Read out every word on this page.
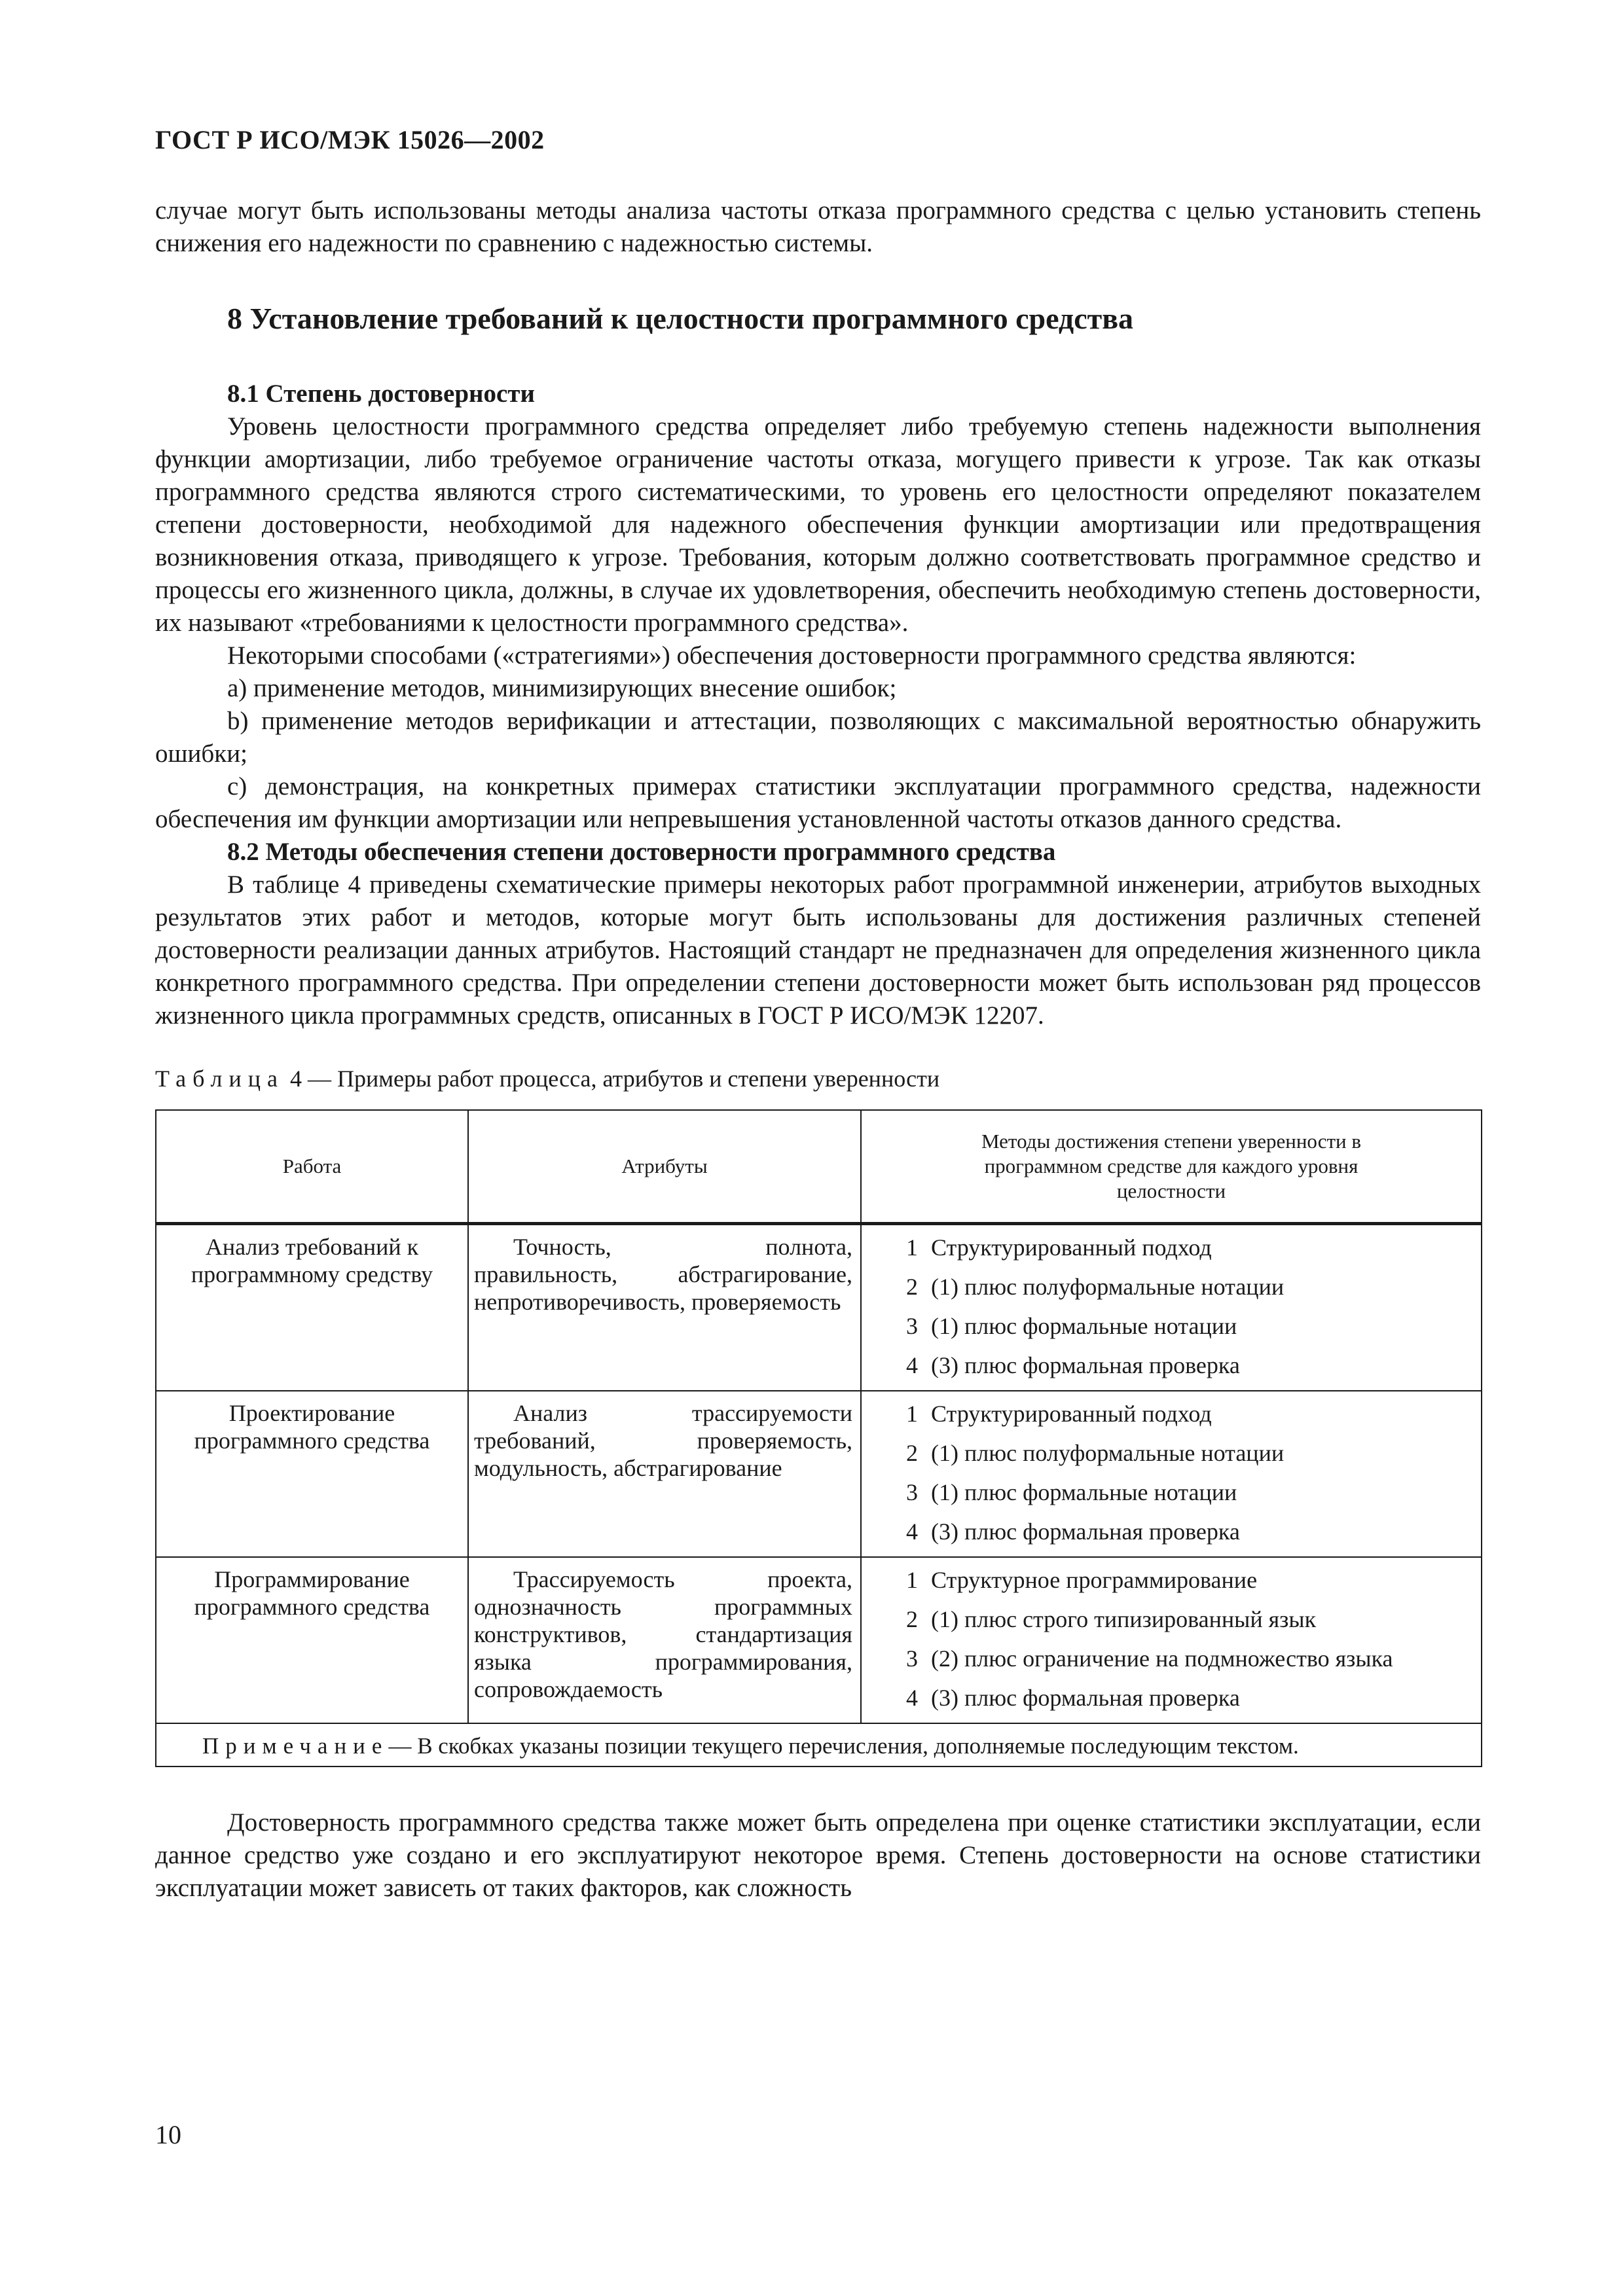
ГОСТ Р ИСО/МЭК 15026—2002

случае могут быть использованы методы анализа частоты отказа программного средства с целью установить степень снижения его надежности по сравнению с надежностью системы.

8 Установление требований к целостности программного средства
8.1 Степень достоверности

Уровень целостности программного средства определяет либо требуемую степень надежности выполнения функции амортизации, либо требуемое ограничение частоты отказа, могущего привести к угрозе. Так как отказы программного средства являются строго систематическими, то уровень его целостности определяют показателем степени достоверности, необходимой для надежного обеспечения функции амортизации или предотвращения возникновения отказа, приводящего к угрозе. Требования, которым должно соответствовать программное средство и процессы его жизненного цикла, должны, в случае их удовлетворения, обеспечить необходимую степень достоверности, их называют «требованиями к целостности программного средства».

Некоторыми способами («стратегиями») обеспечения достоверности программного средства являются:

a) применение методов, минимизирующих внесение ошибок;

b) применение методов верификации и аттестации, позволяющих с максимальной вероятностью обнаружить ошибки;

c) демонстрация, на конкретных примерах статистики эксплуатации программного средства, надежности обеспечения им функции амортизации или непревышения установленной частоты отказов данного средства.

8.2 Методы обеспечения степени достоверности программного средства

В таблице 4 приведены схематические примеры некоторых работ программной инженерии, атрибутов выходных результатов этих работ и методов, которые могут быть использованы для достижения различных степеней достоверности реализации данных атрибутов. Настоящий стандарт не предназначен для определения жизненного цикла конкретного программного средства. При определении степени достоверности может быть использован ряд процессов жизненного цикла программных средств, описанных в ГОСТ Р ИСО/МЭК 12207.

Таблица 4 — Примеры работ процесса, атрибутов и степени уверенности
Работа	Атрибуты	Методы достижения степени уверенности в программном средстве для каждого уровня целостности
Анализ требований к программному средству	Точность, полнота, правильность, абстрагирование, непротиворечивость, проверяемость	1 Структурированный подход
2 (1) плюс полуформальные нотации
3 (1) плюс формальные нотации
4 (3) плюс формальная проверка

Проектирование программного средства	Анализ трассируемости требований, проверяемость, модульность, абстрагирование	1 Структурированный подход
2 (1) плюс полуформальные нотации
3 (1) плюс формальные нотации
4 (3) плюс формальная проверка

Программирование программного средства	Трассируемость проекта, однозначность программных конструктивов, стандартизация языка программирования, сопровождаемость	1 Структурное программирование
2 (1) плюс строго типизированный язык
3 (2) плюс ограничение на подмножество языка
4 (3) плюс формальная проверка

Примечание— В скобках указаны позиции текущего перечисления, дополняемые последующим текстом.		

Достоверность программного средства также может быть определена при оценке статистики эксплуатации, если данное средство уже создано и его эксплуатируют некоторое время. Степень достоверности на основе статистики эксплуатации может зависеть от таких факторов, как сложность

10
